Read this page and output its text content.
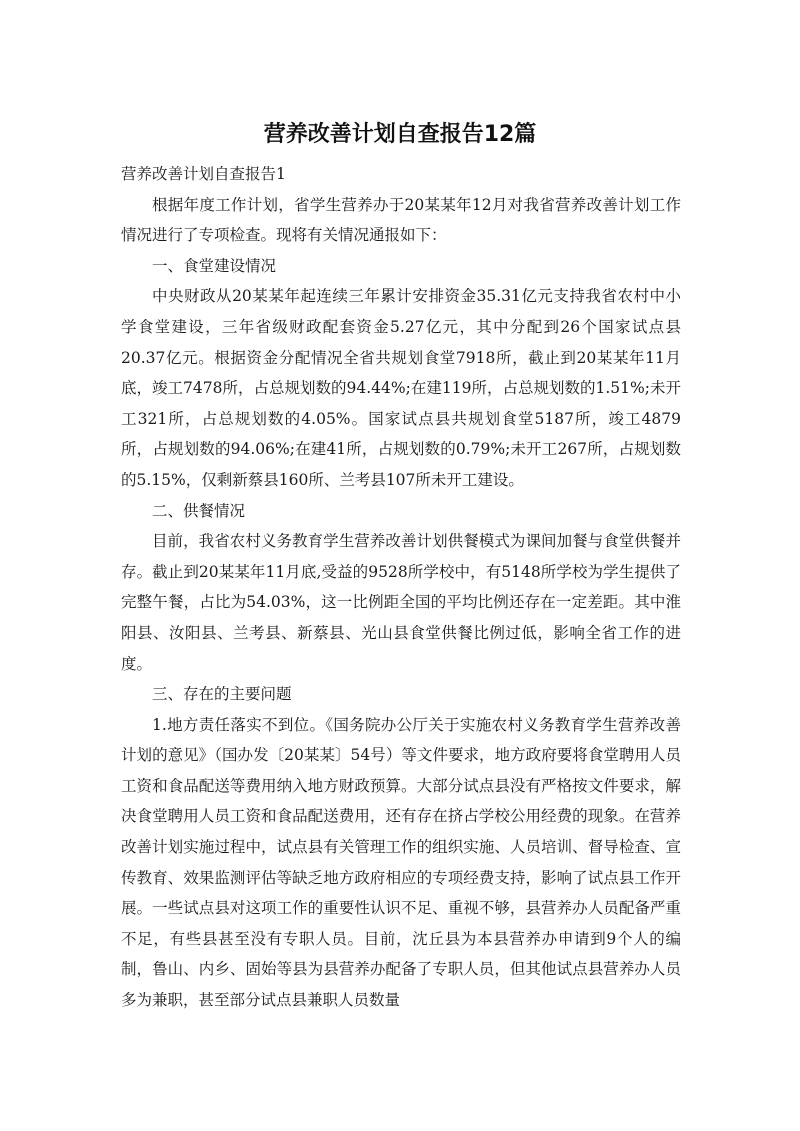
营养改善计划自查报告12篇

营养改善计划自查报告1

根据年度工作计划，省学生营养办于20某某年12月对我省营养改善计划工作情况进行了专项检查。现将有关情况通报如下：

一、食堂建设情况

中央财政从20某某年起连续三年累计安排资金35.31亿元支持我省农村中小学食堂建设，三年省级财政配套资金5.27亿元，其中分配到26个国家试点县20.37亿元。根据资金分配情况全省共规划食堂7918所，截止到20某某年11月底，竣工7478所，占总规划数的94.44%;在建119所，占总规划数的1.51%;未开工321所，占总规划数的4.05%。国家试点县共规划食堂5187所，竣工4879所，占规划数的94.06%;在建41所，占规划数的0.79%;未开工267所，占规划数的5.15%，仅剩新蔡县160所、兰考县107所未开工建设。

二、供餐情况

目前，我省农村义务教育学生营养改善计划供餐模式为课间加餐与食堂供餐并存。截止到20某某年11月底,受益的9528所学校中，有5148所学校为学生提供了完整午餐，占比为54.03%，这一比例距全国的平均比例还存在一定差距。其中淮阳县、汝阳县、兰考县、新蔡县、光山县食堂供餐比例过低，影响全省工作的进度。

三、存在的主要问题

1.地方责任落实不到位。《国务院办公厅关于实施农村义务教育学生营养改善计划的意见》（国办发〔20某某〕54号）等文件要求，地方政府要将食堂聘用人员工资和食品配送等费用纳入地方财政预算。大部分试点县没有严格按文件要求，解决食堂聘用人员工资和食品配送费用，还有存在挤占学校公用经费的现象。在营养改善计划实施过程中，试点县有关管理工作的组织实施、人员培训、督导检查、宣传教育、效果监测评估等缺乏地方政府相应的专项经费支持，影响了试点县工作开展。一些试点县对这项工作的重要性认识不足、重视不够，县营养办人员配备严重不足，有些县甚至没有专职人员。目前，沈丘县为本县营养办申请到9个人的编制，鲁山、内乡、固始等县为县营养办配备了专职人员，但其他试点县营养办人员多为兼职，甚至部分试点县兼职人员数量
